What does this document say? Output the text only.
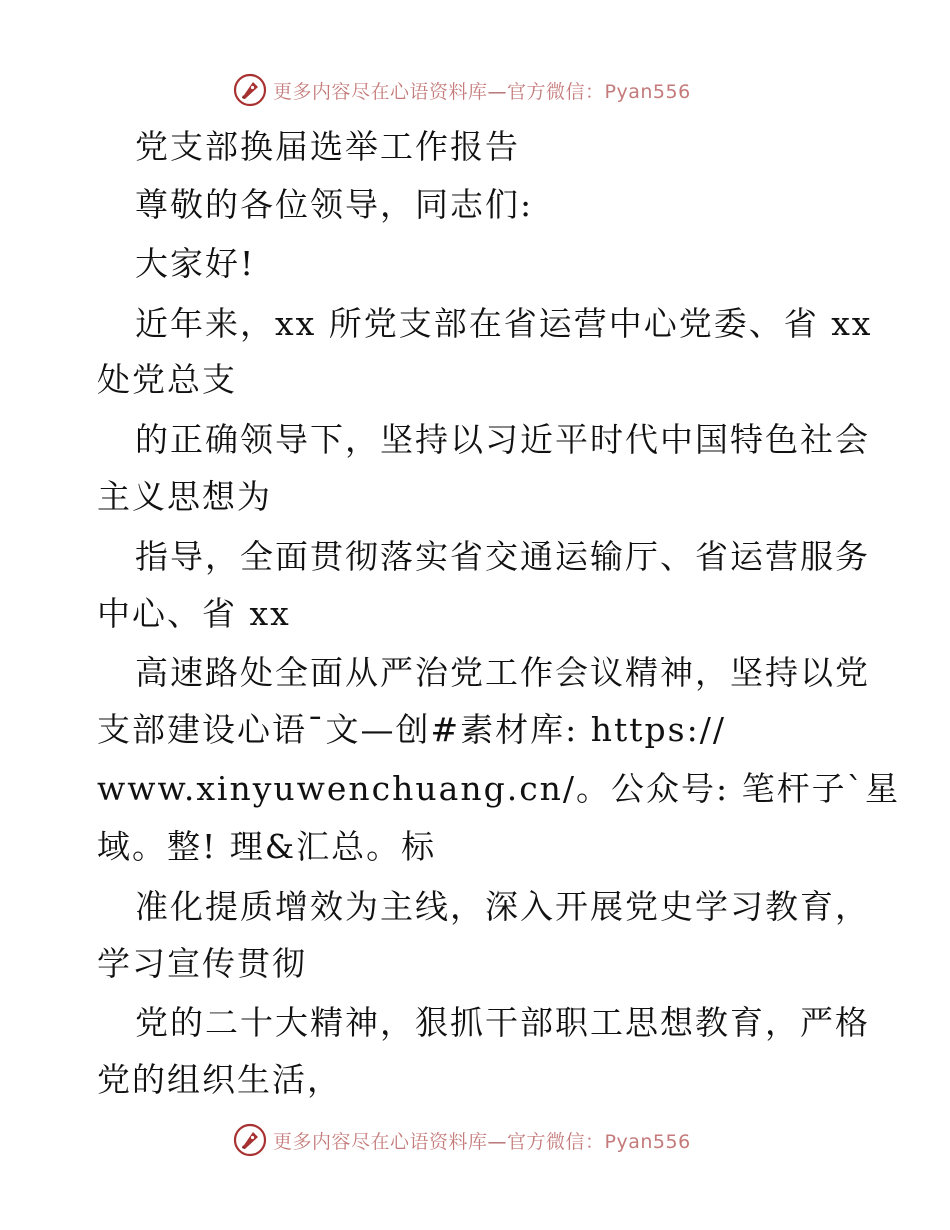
更多内容尽在心语资料库—官方微信：Pyan556
党支部换届选举工作报告
尊敬的各位领导，同志们:
大家好!
近年来，xx 所党支部在省运营中心党委、省 xx
处党总支
的正确领导下，坚持以习近平时代中国特色社会
主义思想为
指导，全面贯彻落实省交通运输厅、省运营服务
中心、省 xx
高速路处全面从严治党工作会议精神，坚持以党
支部建设心语¯文—创#素材库: https://
www.xinyuwenchuang.cn/。公众号: 笔杆子`星
域。整! 理&汇总。标
准化提质增效为主线，深入开展党史学习教育，
学习宣传贯彻
党的二十大精神，狠抓干部职工思想教育，严格
党的组织生活，
更多内容尽在心语资料库—官方微信：Pyan556
